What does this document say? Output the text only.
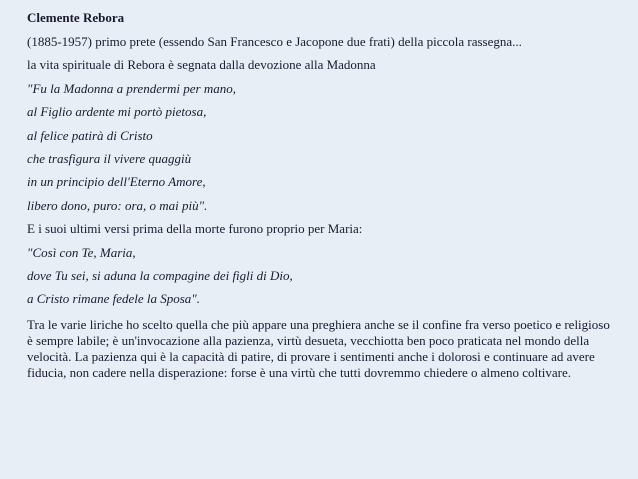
Clemente Rebora
(1885-1957) primo prete (essendo San Francesco e Jacopone due frati) della piccola rassegna...
la vita spirituale di Rebora è segnata dalla devozione alla Madonna
"Fu la Madonna a prendermi per mano,
al Figlio ardente mi portò pietosa,
al felice patirà di Cristo
che trasfigura il vivere quaggiù
in un principio dell'Eterno Amore,
libero dono, puro: ora, o mai più".
E i suoi ultimi versi prima della morte furono proprio per Maria:
"Così con Te, Maria,
dove Tu sei, si aduna la compagine dei figli di Dio,
a Cristo rimane fedele la Sposa".
Tra le varie liriche ho scelto quella che più appare una preghiera anche se il confine fra verso poetico e religioso è sempre labile; è un'invocazione alla pazienza, virtù desueta, vecchiotta ben poco praticata nel mondo della velocità. La pazienza qui è la capacità di patire, di provare i sentimenti anche i dolorosi e continuare ad avere fiducia, non cadere nella disperazione: forse è una virtù che tutti dovremmo chiedere o almeno coltivare.
